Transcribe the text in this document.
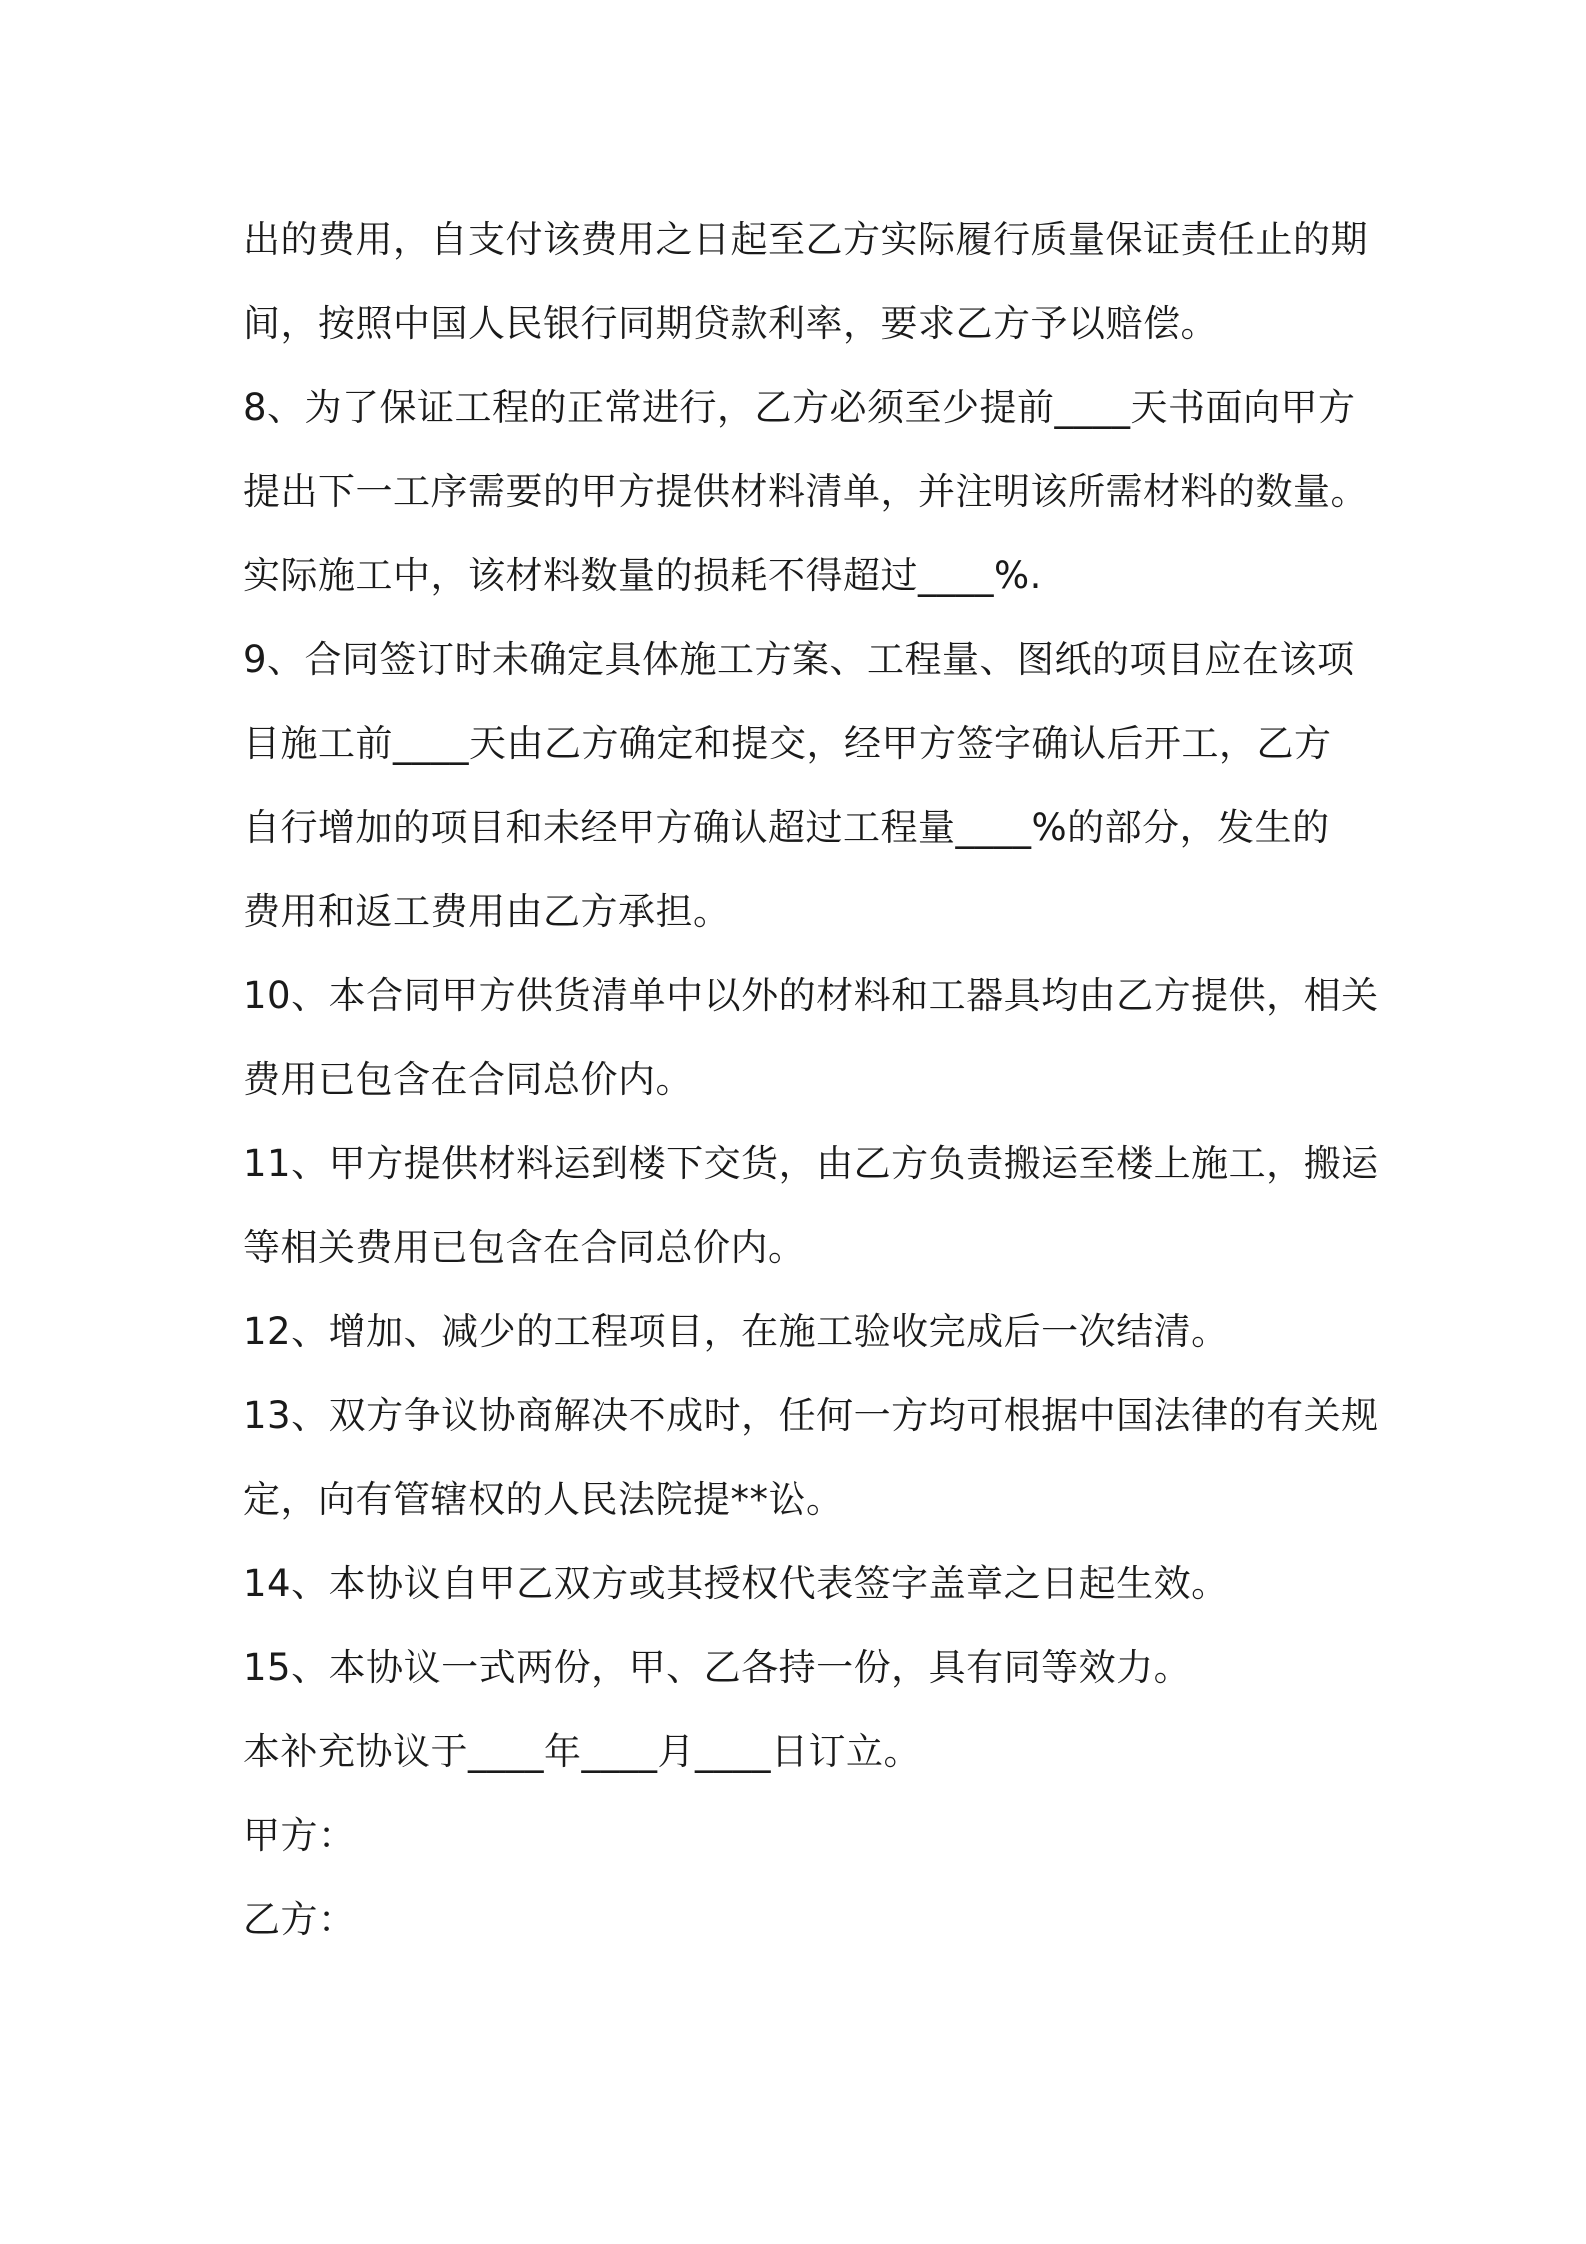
出的费用，自支付该费用之日起至乙方实际履行质量保证责任止的期
间，按照中国人民银行同期贷款利率，要求乙方予以赔偿。
8、为了保证工程的正常进行，乙方必须至少提前____天书面向甲方
提出下一工序需要的甲方提供材料清单，并注明该所需材料的数量。
实际施工中，该材料数量的损耗不得超过____%.
9、合同签订时未确定具体施工方案、工程量、图纸的项目应在该项
目施工前____天由乙方确定和提交，经甲方签字确认后开工，乙方
自行增加的项目和未经甲方确认超过工程量____%的部分，发生的
费用和返工费用由乙方承担。
10、本合同甲方供货清单中以外的材料和工器具均由乙方提供，相关
费用已包含在合同总价内。
11、甲方提供材料运到楼下交货，由乙方负责搬运至楼上施工，搬运
等相关费用已包含在合同总价内。
12、增加、减少的工程项目，在施工验收完成后一次结清。
13、双方争议协商解决不成时，任何一方均可根据中国法律的有关规
定，向有管辖权的人民法院提**讼。
14、本协议自甲乙双方或其授权代表签字盖章之日起生效。
15、本协议一式两份，甲、乙各持一份，具有同等效力。
本补充协议于____年____月____日订立。
甲方：
乙方：
